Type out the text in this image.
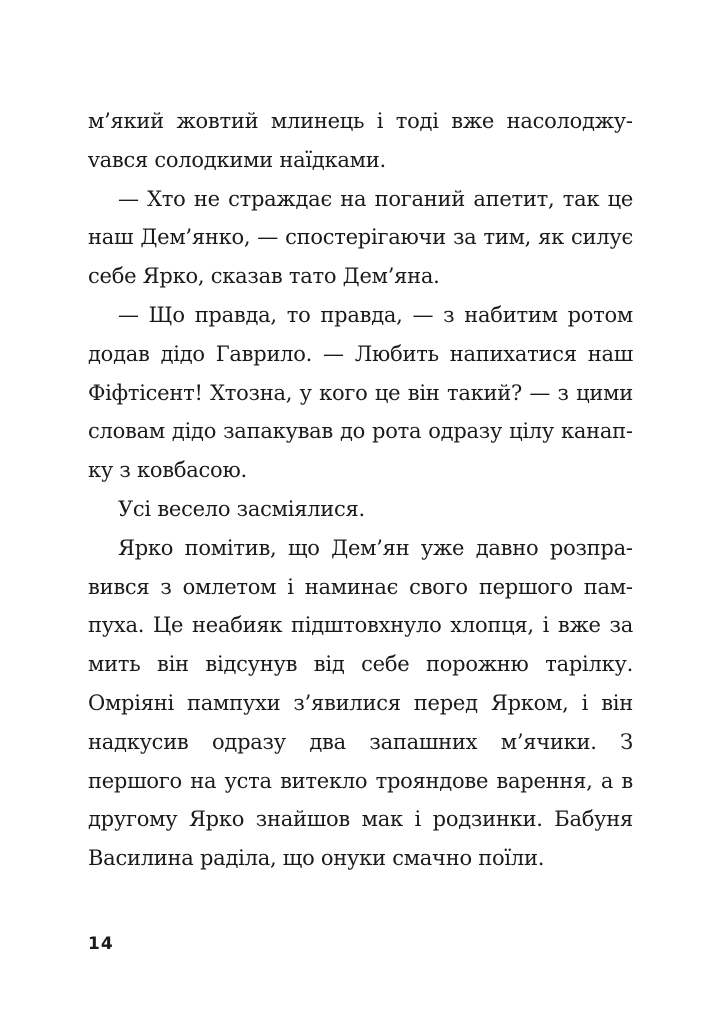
м’який жовтий млинець і тоді вже насолоджуvався солодкими наїдками.

— Хто не страждає на поганий апетит, так це наш Дем’янко, — спостерігаючи за тим, як силує себе Ярко, сказав тато Дем’яна.

— Що правда, то правда, — з набитим ротом додав дідо Гаврило. — Любить напихатися наш Фіфтісент! Хтозна, у кого це він такий? — з цими словам дідо запакував до рота одразу цілу канапку з ковбасою.

Усі весело засміялися.

Ярко помітив, що Дем’ян уже давно розправився з омлетом і наминає свого першого пампуха. Це неабияк підштовхнуло хлопця, і вже за мить він відсунув від себе порожню тарілку. Омріяні пампухи з’явилися перед Ярком, і він надкусив одразу два запашних м’ячики. З першого на уста витекло трояндове варення, а в другому Ярко знайшов мак і родзинки. Бабуня Василина раділа, що онуки смачно поїли.

14
